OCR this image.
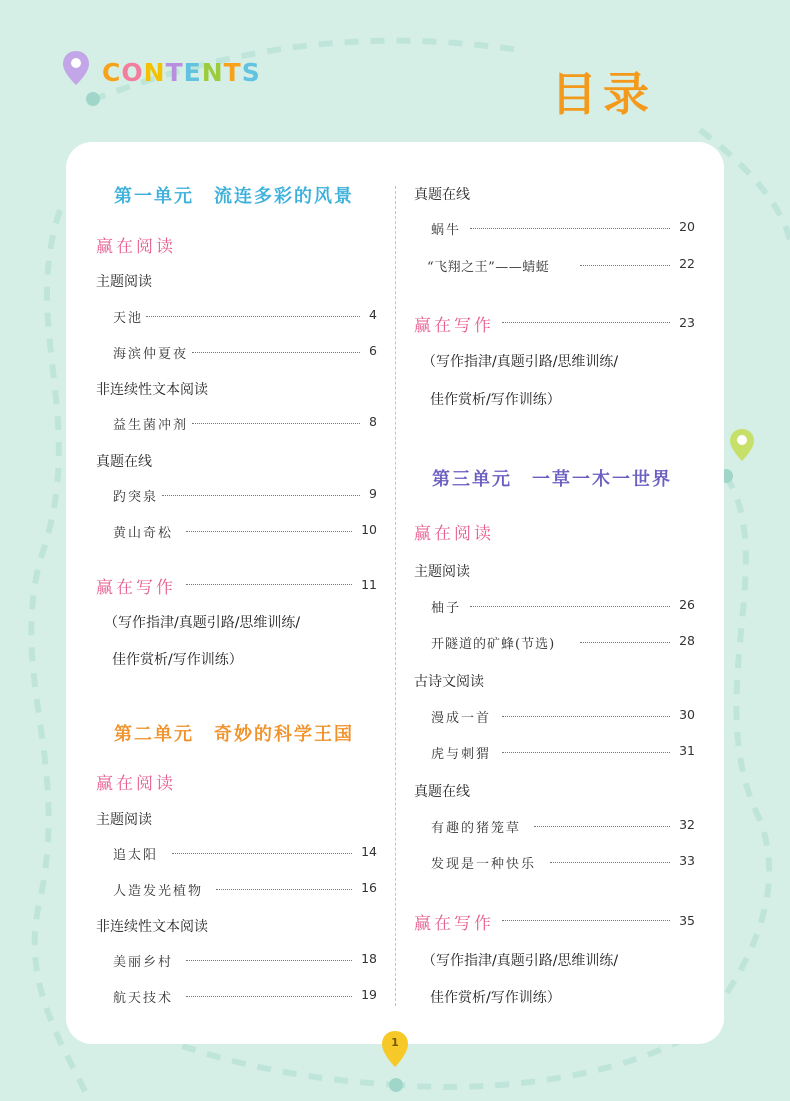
CONTENTS	目录
第一单元　流连多彩的风景
赢在阅读
主题阅读
天池	4
海滨仲夏夜	6
非连续性文本阅读
益生菌冲剂	8
真题在线
趵突泉	9
黄山奇松	10
赢在写作	11
（写作指津/真题引路/思维训练/
佳作赏析/写作训练）
第二单元　奇妙的科学王国
赢在阅读
主题阅读
追太阳	14
人造发光植物	16
非连续性文本阅读
美丽乡村	18
航天技术	19
真题在线
蜗牛	20
“飞翔之王”——蜻蜓	22
赢在写作	23
（写作指津/真题引路/思维训练/
佳作赏析/写作训练）
第三单元　一草一木一世界
赢在阅读
主题阅读
柚子	26
开隧道的矿蜂(节选)	28
古诗文阅读
漫成一首	30
虎与刺猬	31
真题在线
有趣的猪笼草	32
发现是一种快乐	33
赢在写作	35
（写作指津/真题引路/思维训练/
佳作赏析/写作训练）
1
